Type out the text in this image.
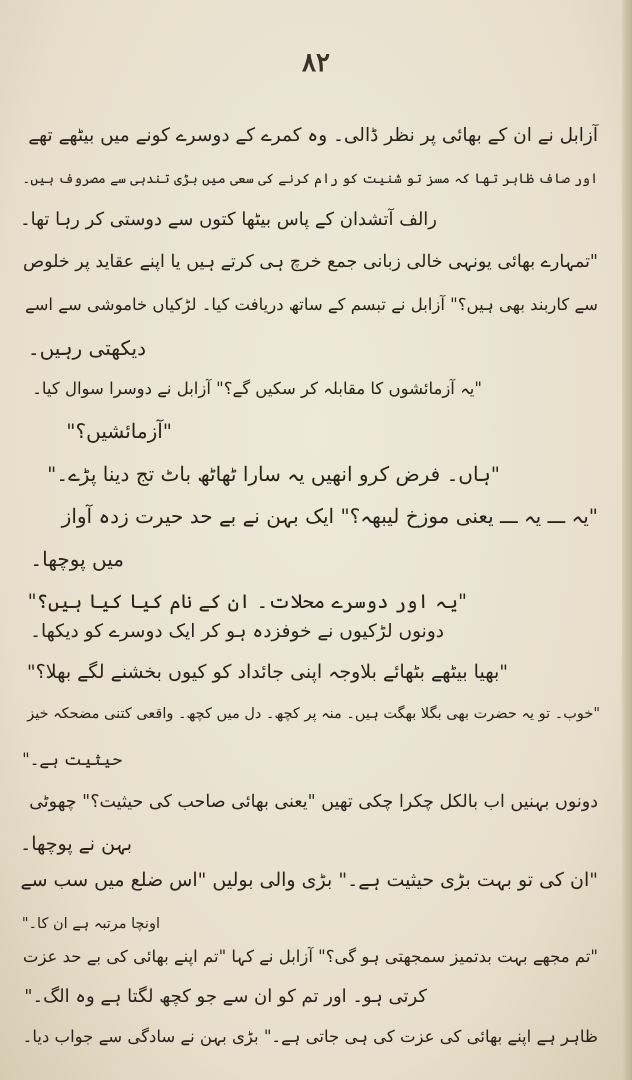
۸۲
آزابل نے ان کے بھائی پر نظر ڈالی۔ وہ کمرے کے دوسرے کونے میں بیٹھے تھے
اور صاف ظاہر تھا کہ مسز تو شنیت کو رام کرنے کی سعی میں بڑی تندہی سے مصروف ہیں۔
رالف آتشدان کے پاس بیٹھا کتوں سے دوستی کر رہا تھا۔
"تمہارے بھائی یونہی خالی زبانی جمع خرچ ہی کرتے ہیں یا اپنے عقاید پر خلوص
سے کاربند بھی ہیں؟" آزابل نے تبسم کے ساتھ دریافت کیا۔ لڑکیاں خاموشی سے اسے
دیکھتی رہیں۔
"یہ آزمائشوں کا مقابلہ کر سکیں گے؟" آزابل نے دوسرا سوال کیا۔
"آزمائشیں؟"
"ہاں۔ فرض کرو انھیں یہ سارا ٹھاٹھ باٹ تج دینا پڑے۔"
"یہ ـــ یہ ـــ یعنی موزخ لیبھہ؟" ایک بہن نے بے حد حیرت زدہ آواز
میں پوچھا۔
"یہ اور دوسرے محلات۔ ان کے نام کیا کیا ہیں؟"
دونوں لڑکیوں نے خوفزدہ ہو کر ایک دوسرے کو دیکھا۔
"بھیا بیٹھے بٹھائے بلاوجہ اپنی جائداد کو کیوں بخشنے لگے بھلا؟"
"خوب۔ تو یہ حضرت بھی بگلا بھگت ہیں۔ منہ پر کچھ۔ دل میں کچھ۔ واقعی کتنی مضحکہ خیز
حیثیت ہے۔"
دونوں بہنیں اب بالکل چکرا چکی تھیں "یعنی بھائی صاحب کی حیثیت؟" چھوٹی
بہن نے پوچھا۔
"ان کی تو بہت بڑی حیثیت ہے۔" بڑی والی بولیں "اس ضلع میں سب سے
اونچا مرتبہ ہے ان کا۔"
"تم مجھے بہت بدتمیز سمجھتی ہو گی؟" آزابل نے کہا "تم اپنے بھائی کی بے حد عزت
کرتی ہو۔ اور تم کو ان سے جو کچھ لگتا ہے وہ الگ۔"
ظاہر ہے اپنے بھائی کی عزت کی ہی جاتی ہے۔" بڑی بہن نے سادگی سے جواب دیا۔
